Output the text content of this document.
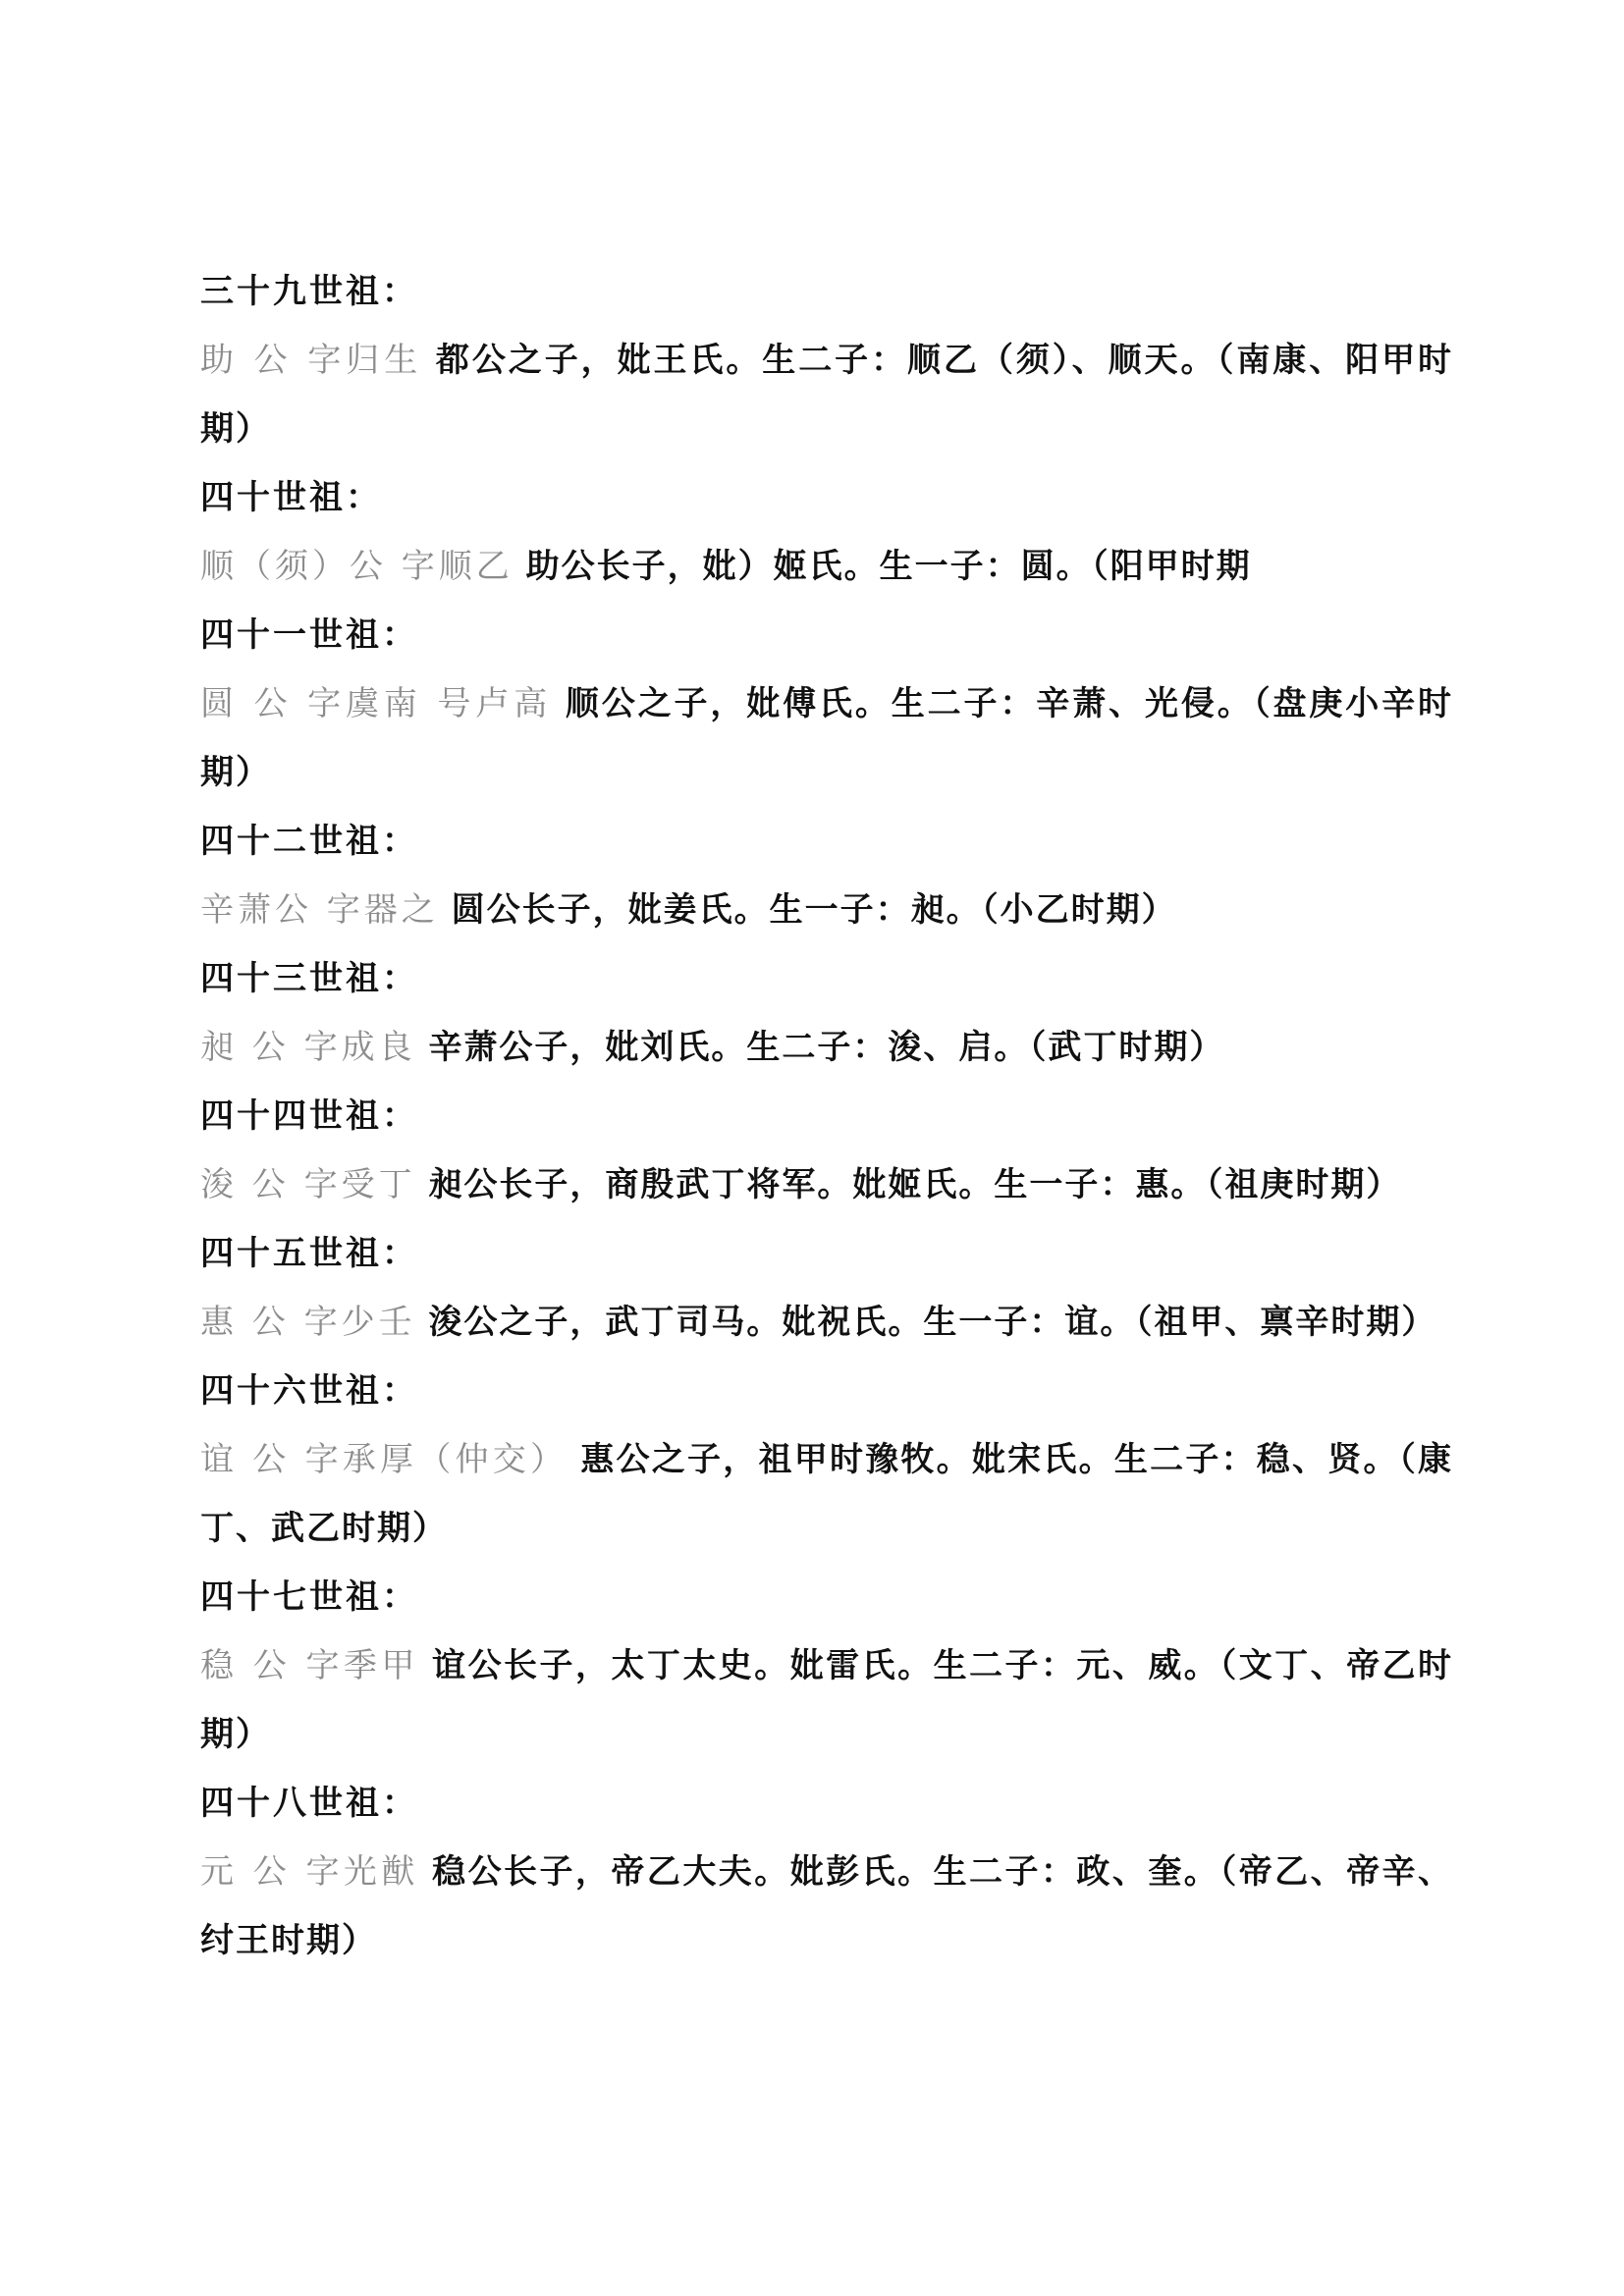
三十九世祖：
助 公 字归生 都公之子，妣王氏。生二子：顺乙（须）、顺天。（南康、阳甲时期）
四十世祖：
顺（须）公 字顺乙 助公长子，妣）姬氏。生一子：圆。（阳甲时期
四十一世祖：
圆 公 字虞南 号卢高 顺公之子，妣傅氏。生二子：辛萧、光侵。（盘庚小辛时期）
四十二世祖：
辛萧公 字器之 圆公长子，妣姜氏。生一子：昶。（小乙时期）
四十三世祖：
昶 公 字成良 辛萧公子，妣刘氏。生二子：浚、启。（武丁时期）
四十四世祖：
浚 公 字受丁 昶公长子，商殷武丁将军。妣姬氏。生一子：惠。（祖庚时期）
四十五世祖：
惠 公 字少壬 浚公之子，武丁司马。妣祝氏。生一子：谊。（祖甲、禀辛时期）
四十六世祖：
谊 公 字承厚（仲交） 惠公之子，祖甲时豫牧。妣宋氏。生二子：稳、贤。（康丁、武乙时期）
四十七世祖：
稳 公 字季甲 谊公长子，太丁太史。妣雷氏。生二子：元、威。（文丁、帝乙时期）
四十八世祖：
元 公 字光猷 稳公长子，帝乙大夫。妣彭氏。生二子：政、奎。（帝乙、帝辛、纣王时期）
